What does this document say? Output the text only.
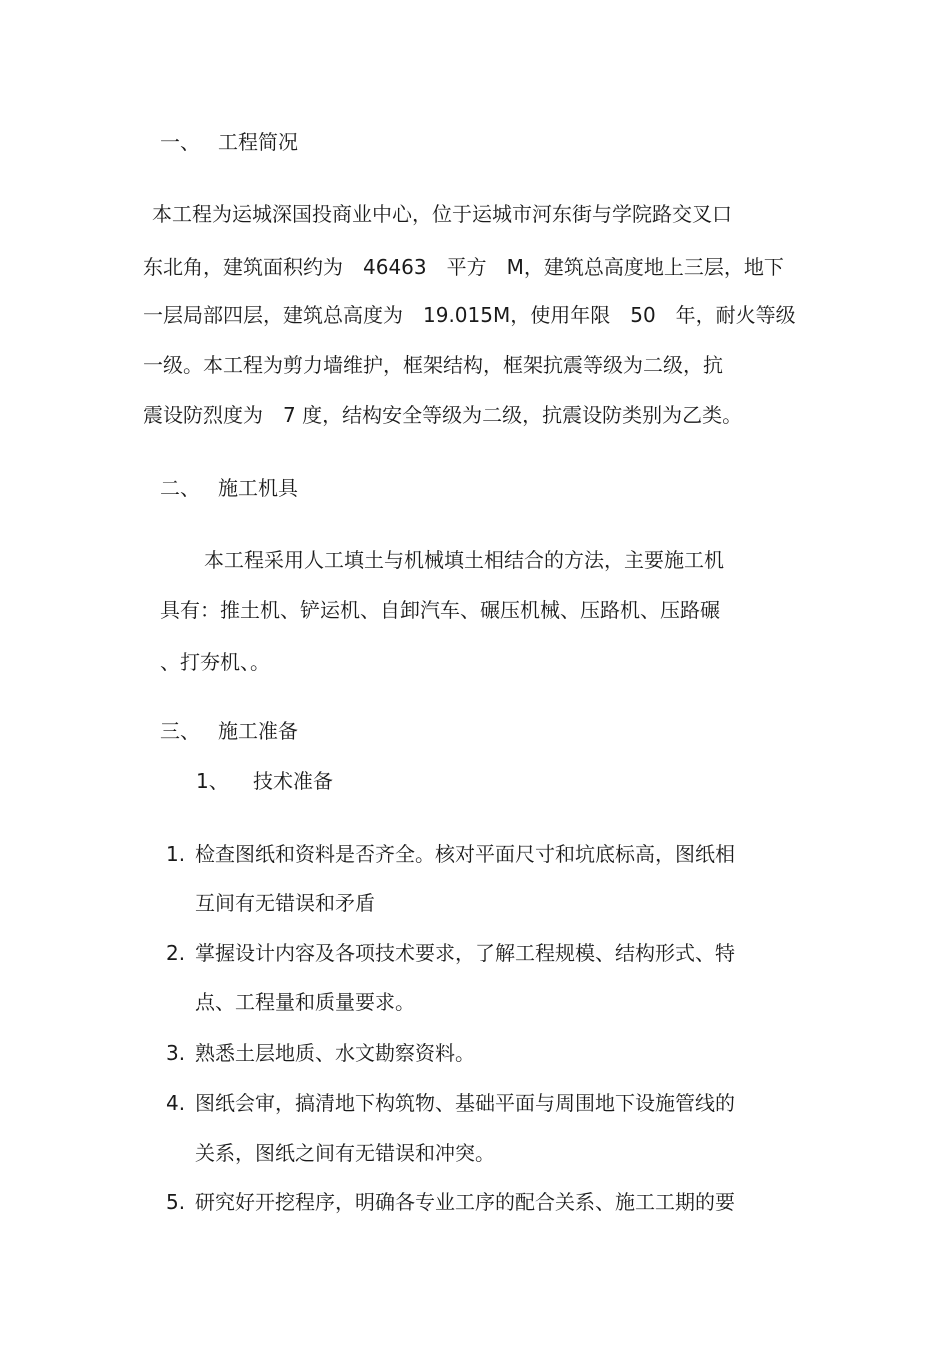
一、 工程简况
本工程为运城深国投商业中心，位于运城市河东街与学院路交叉口
东北角，建筑面积约为　46463　平方　M，建筑总高度地上三层，地下
一层局部四层，建筑总高度为　19.015M，使用年限　50　年，耐火等级
一级。本工程为剪力墙维护，框架结构，框架抗震等级为二级，抗
震设防烈度为　7 度，结构安全等级为二级，抗震设防类别为乙类。
二、 施工机具
本工程采用人工填土与机械填土相结合的方法，主要施工机
具有：推土机、铲运机、自卸汽车、碾压机械、压路机、压路碾
、打夯机、。
三、 施工准备
1、 技术准备
1. 检查图纸和资料是否齐全。核对平面尺寸和坑底标高，图纸相
互间有无错误和矛盾
2. 掌握设计内容及各项技术要求，了解工程规模、结构形式、特
点、工程量和质量要求。
3. 熟悉土层地质、水文勘察资料。
4. 图纸会审，搞清地下构筑物、基础平面与周围地下设施管线的
关系，图纸之间有无错误和冲突。
5. 研究好开挖程序，明确各专业工序的配合关系、施工工期的要
